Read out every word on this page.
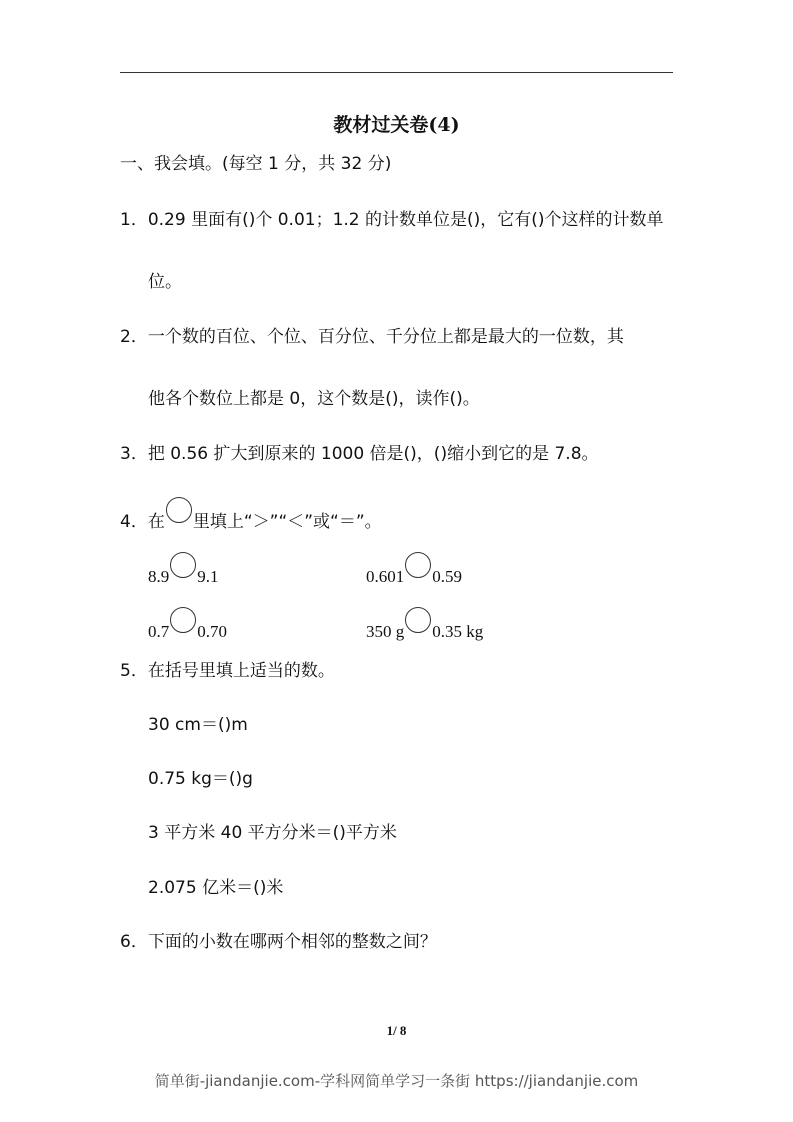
教材过关卷(4)
一、我会填。(每空 1 分，共 32 分)
1．0.29 里面有()个 0.01；1.2 的计数单位是()，它有()个这样的计数单
位。
2．一个数的百位、个位、百分位、千分位上都是最大的一位数，其
他各个数位上都是 0，这个数是()，读作()。
3．把 0.56 扩大到原来的 1000 倍是()，()缩小到它的是 7.8。
4．在 里填上“＞”“＜”或“＝”。
8.9 9.1	0.601 0.59
0.7 0.70	350 g 0.35 kg
5．在括号里填上适当的数。
30 cm＝()m
0.75 kg＝()g
3 平方米 40 平方分米＝()平方米
2.075 亿米＝()米
6．下面的小数在哪两个相邻的整数之间？
1/ 8
简单街-jiandanjie.com-学科网简单学习一条街 https://jiandanjie.com
